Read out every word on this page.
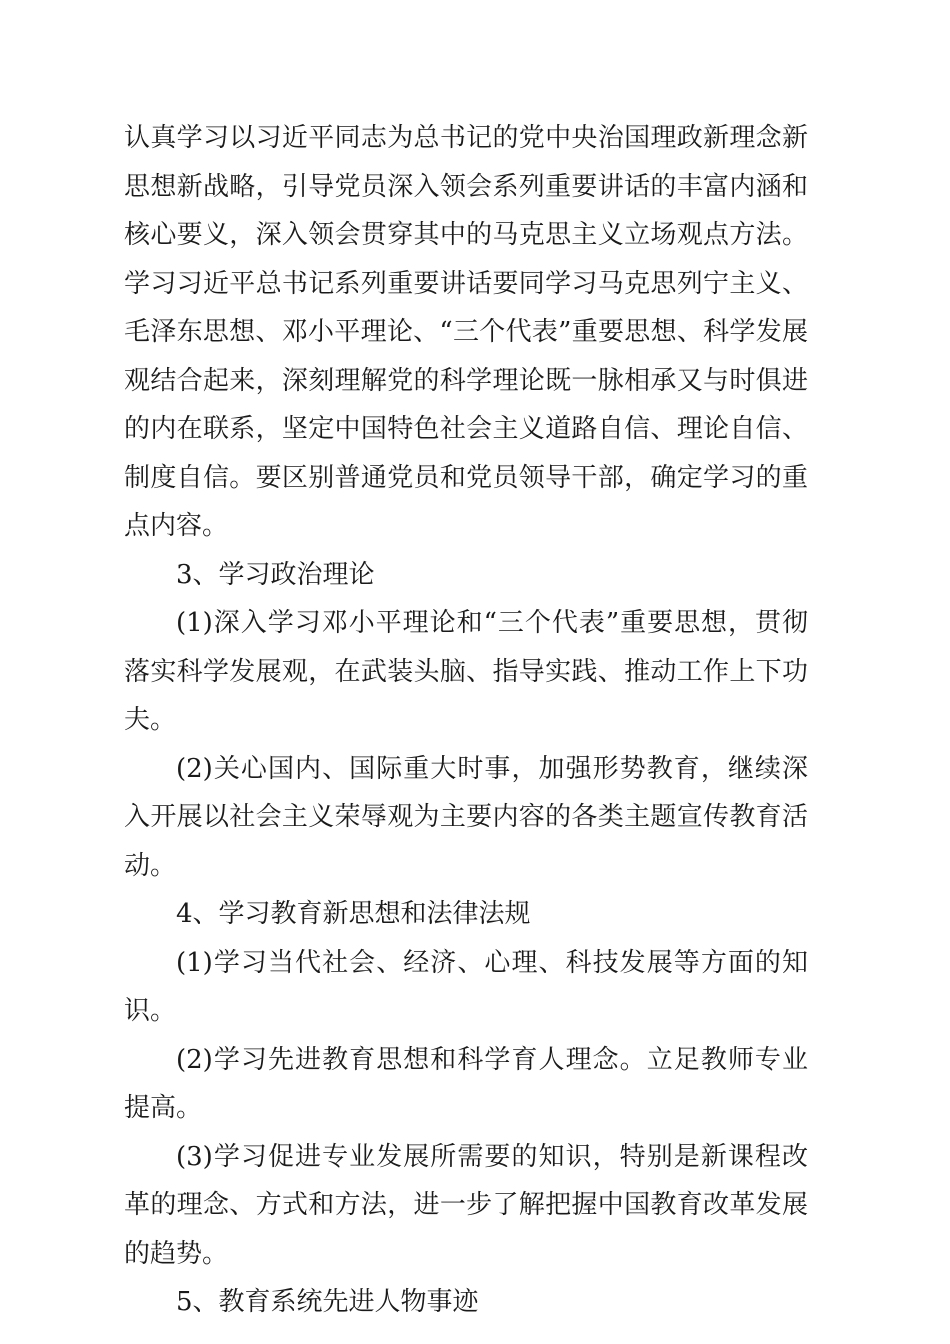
认真学习以习近平同志为总书记的党中央治国理政新理念新思想新战略，引导党员深入领会系列重要讲话的丰富内涵和核心要义，深入领会贯穿其中的马克思主义立场观点方法。学习习近平总书记系列重要讲话要同学习马克思列宁主义、毛泽东思想、邓小平理论、“三个代表”重要思想、科学发展观结合起来，深刻理解党的科学理论既一脉相承又与时俱进的内在联系，坚定中国特色社会主义道路自信、理论自信、制度自信。要区别普通党员和党员领导干部，确定学习的重点内容。

3、学习政治理论

(1)深入学习邓小平理论和“三个代表”重要思想，贯彻落实科学发展观，在武装头脑、指导实践、推动工作上下功夫。

(2)关心国内、国际重大时事，加强形势教育，继续深入开展以社会主义荣辱观为主要内容的各类主题宣传教育活动。

4、学习教育新思想和法律法规

(1)学习当代社会、经济、心理、科技发展等方面的知识。

(2)学习先进教育思想和科学育人理念。立足教师专业提高。

(3)学习促进专业发展所需要的知识，特别是新课程改革的理念、方式和方法，进一步了解把握中国教育改革发展的趋势。

5、教育系统先进人物事迹
